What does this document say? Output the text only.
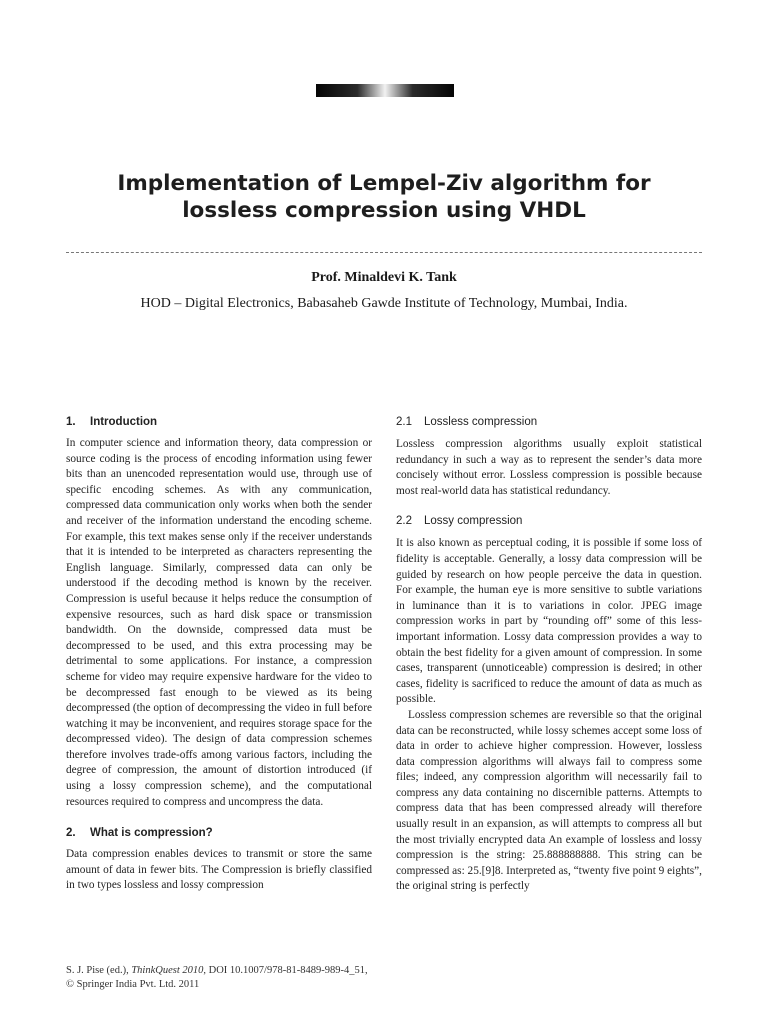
Implementation of Lempel-Ziv algorithm for
lossless compression using VHDL
Prof. Minaldevi K. Tank
HOD – Digital Electronics, Babasaheb Gawde Institute of Technology, Mumbai, India.
1. Introduction

In computer science and information theory, data compression or source coding is the process of encoding information using fewer bits than an unencoded representation would use, through use of specific encoding schemes. As with any communication, compressed data communication only works when both the sender and receiver of the information understand the encoding scheme. For example, this text makes sense only if the receiver understands that it is intended to be interpreted as characters representing the English language. Similarly, compressed data can only be understood if the decoding method is known by the receiver. Compression is useful because it helps reduce the consumption of expensive resources, such as hard disk space or transmission bandwidth. On the downside, compressed data must be decompressed to be used, and this extra processing may be detrimental to some applications. For instance, a compression scheme for video may require expensive hardware for the video to be decompressed fast enough to be viewed as its being decompressed (the option of decompressing the video in full before watching it may be inconvenient, and requires storage space for the decompressed video). The design of data compression schemes therefore involves trade-offs among various factors, including the degree of compression, the amount of distortion introduced (if using a lossy compression scheme), and the computational resources required to compress and uncompress the data.

2. What is compression?

Data compression enables devices to transmit or store the same amount of data in fewer bits. The Compression is briefly classified in two types lossless and lossy compression

2.1 Lossless compression

Lossless compression algorithms usually exploit statistical redundancy in such a way as to represent the sender’s data more concisely without error. Lossless compression is possible because most real-world data has statistical redundancy.

2.2 Lossy compression

It is also known as perceptual coding, it is possible if some loss of fidelity is acceptable. Generally, a lossy data compression will be guided by research on how people perceive the data in question. For example, the human eye is more sensitive to subtle variations in luminance than it is to variations in color. JPEG image compression works in part by “rounding off” some of this less-important information. Lossy data compression provides a way to obtain the best fidelity for a given amount of compression. In some cases, transparent (unnoticeable) compression is desired; in other cases, fidelity is sacrificed to reduce the amount of data as much as possible.

Lossless compression schemes are reversible so that the original data can be reconstructed, while lossy schemes accept some loss of data in order to achieve higher compression. However, lossless data compression algorithms will always fail to compress some files; indeed, any compression algorithm will necessarily fail to compress any data containing no discernible patterns. Attempts to compress data that has been compressed already will therefore usually result in an expansion, as will attempts to compress all but the most trivially encrypted data An example of lossless and lossy compression is the string: 25.888888888. This string can be compressed as: 25.[9]8. Interpreted as, “twenty five point 9 eights”, the original string is perfectly

S. J. Pise (ed.), ThinkQuest 2010, DOI 10.1007/978-81-8489-989-4_51,
© Springer India Pvt. Ltd. 2011
